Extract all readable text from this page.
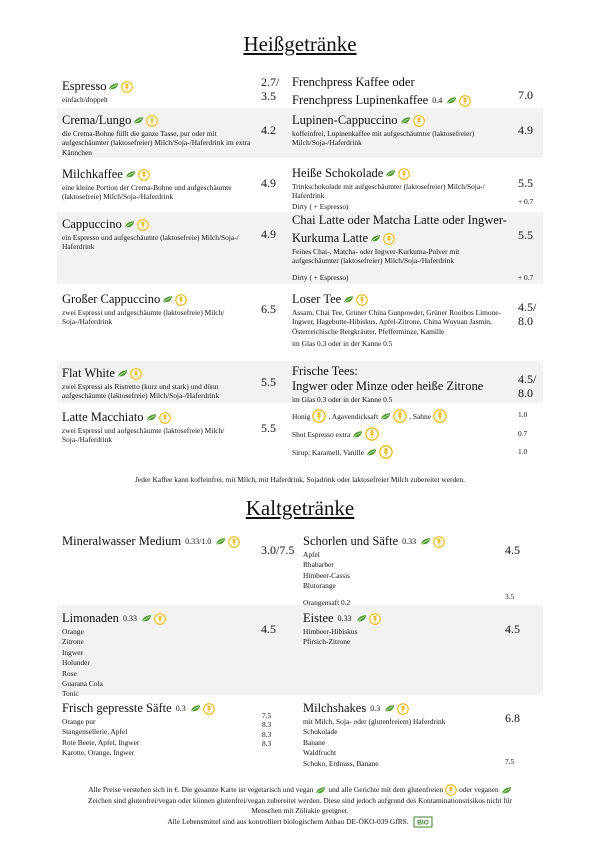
Heißgetränke
Espresso
einfach/doppelt
2.7/
3.5
Crema/Lungo
die Crema-Bohne füllt die ganze Tasse, pur oder mit aufgeschäumter (laktosefreier) Milch/Soja-/Haferdrink im extra Kännchen
4.2
Milchkaffee
eine kleine Portion der Crema-Bohne und aufgeschäumte (laktosefreie) Milch/Soja-/Haferdrink
4.9
Cappuccino
ein Espresso und aufgeschäumte (laktosefreie) Milch/Soja-/ Haferdrink
4.9
Großer Cappuccino
zwei Espressi und aufgeschäumte (laktosefreie) Milch/ Soja-/Haferdrink
6.5
Flat White
zwei Espressi als Ristretto (kurz und stark) und dünn aufgeschäumte (laktosefreie) Milch/Soja-/Haferdrink
5.5
Latte Macchiato
zwei Espressi und aufgeschäumte (laktosefreie) Milch/ Soja-/Haferdrink
5.5
Frenchpress Kaffee oder
Frenchpress Lupinenkaffee 0.4	7.0
Lupinen-Cappuccino
koffeinfrei, Lupinenkaffee mit aufgeschäumter (laktosefreier) Milch/Soja-/Haferdrink
4.9
Heiße Schokolade
Trinkschokolade mit aufgeschäumter (laktosefreier) Milch/Soja-/ Haferdrink
Dirty ( + Espresso)
5.5
+ 0.7
Chai Latte oder Matcha Latte oder Ingwer-
Kurkuma Latte
Feines Chai-, Matcha- oder Ingwer-Kurkuma-Pulver mit aufgeschäumter (laktosefreier) Milch/Soja-/Haferdrink
Dirty ( + Espresso)
5.5
+ 0.7
Loser Tee
Assam, Chai Tee, Grüner China Gunpowder, Grüner Rooibos Limone-Ingwer, Hagebutte-Hibiskus, Apfel-Zitrone, China Wuyuan Jasmin, Österreichische Bergkräuter, Pfefferminze, Kamille
im Glas 0.3 oder in der Kanne 0.5
4.5/
8.0
Frische Tees:
Ingwer oder Minze oder heiße Zitrone
im Glas 0.3 oder in der Kanne 0.5
4.5/
8.0
Honig , Agavendicksaft	, Sahne
Shot Espresso extra
Sirup: Karamell, Vanille
1.0
0.7
1.0
Jeder Kaffee kann koffeinfrei, mit Milch, mit Haferdrink, Sojadrink oder laktosefreier Milch zubereitet werden.
Kaltgetränke
Mineralwasser Medium 0.33/1.0
3.0/7.5
Schorlen und Säfte 0.33
Apfel
Rhabarber
Himbeer-Cassis
Blutorange
Orangensaft 0.2
4.5
3.5
Limonaden 0.33
Orange
Zitrone
Ingwer
Holunder
Rose
Guarana Cola
Tonic
4.5
Eistee 0.33
Himbeer-Hibiskus
Pfirsich-Zitrone
4.5
Frisch gepresste Säfte 0.3
Orange pur
Stangensellerie, Apfel
Rote Beete, Apfel, Ingwer
Karotte, Orange, Ingwer
7.5
8.3
8.3
8.3
Milchshakes 0.3
mit Milch, Soja- oder (glutenfreiem) Haferdrink
Schokolade
Banane
Waldfrucht
Schoko, Erdnuss, Banane
6.8
7.5
Alle Preise verstehen sich in €. Die gesamte Karte ist vegetarisch und vegan und alle Gerichte mit dem glutenfreien oder veganen
Zeichen sind glutenfrei/vegan oder können glutenfrei/vegan zubereitet werden. Diese sind jedoch aufgrund des Kontaminationsrisikos nicht für
Menschen mit Zöliakie geeignet.
Alle Lebensmittel sind aus kontrolliert biologischem Anbau DE-ÖKO-039 GfRS. BIO
